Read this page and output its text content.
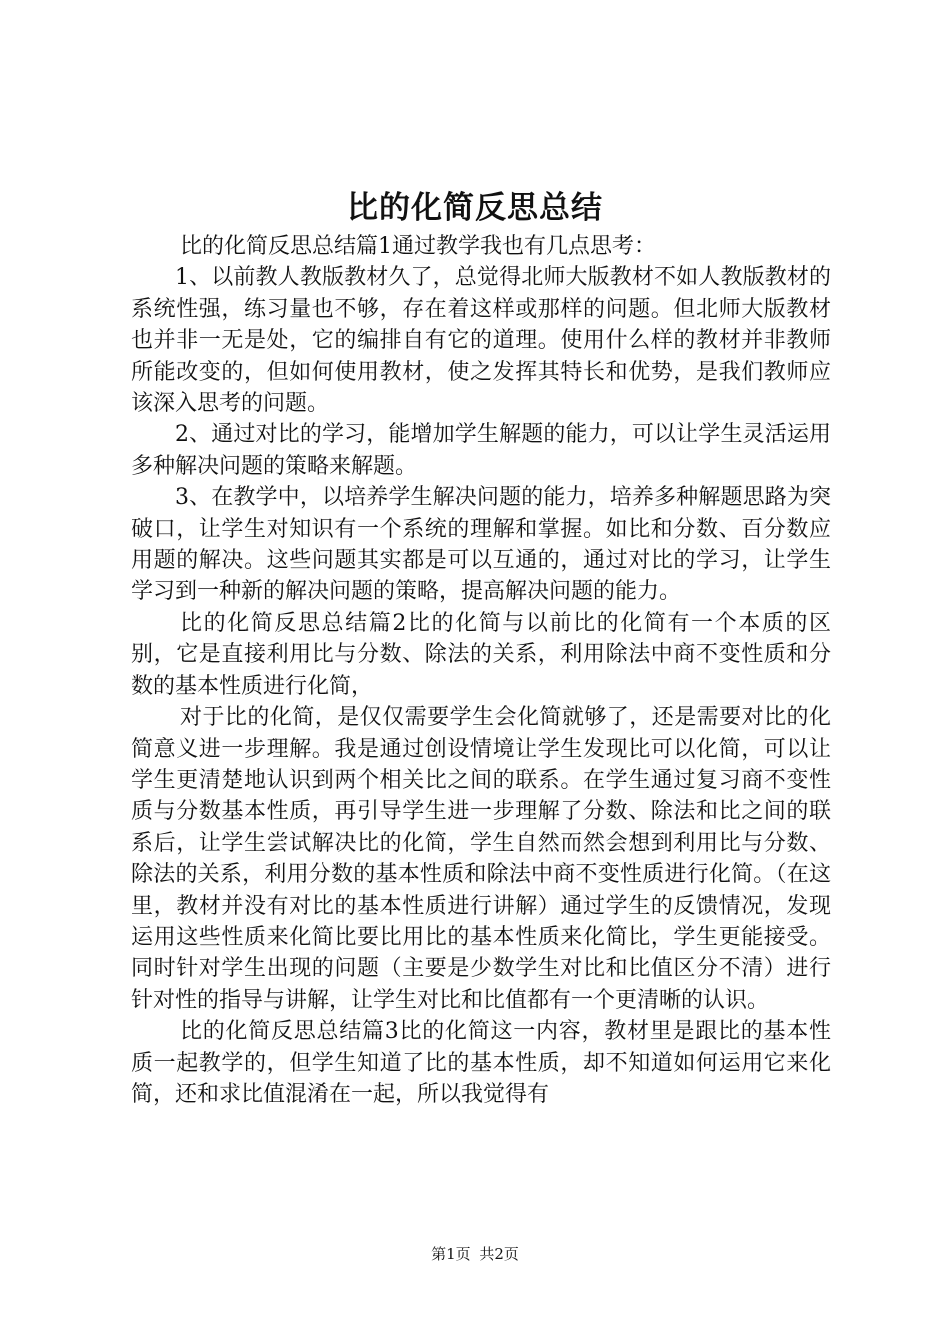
比的化简反思总结

比的化简反思总结篇1通过教学我也有几点思考：

1、以前教人教版教材久了，总觉得北师大版教材不如人教版教材的系统性强，练习量也不够，存在着这样或那样的问题。但北师大版教材也并非一无是处，它的编排自有它的道理。使用什么样的教材并非教师所能改变的，但如何使用教材，使之发挥其特长和优势，是我们教师应该深入思考的问题。

2、通过对比的学习，能增加学生解题的能力，可以让学生灵活运用多种解决问题的策略来解题。

3、在教学中，以培养学生解决问题的能力，培养多种解题思路为突破口，让学生对知识有一个系统的理解和掌握。如比和分数、百分数应用题的解决。这些问题其实都是可以互通的，通过对比的学习，让学生学习到一种新的解决问题的策略，提高解决问题的能力。

比的化简反思总结篇2比的化简与以前比的化简有一个本质的区别，它是直接利用比与分数、除法的关系，利用除法中商不变性质和分数的基本性质进行化简，

对于比的化简，是仅仅需要学生会化简就够了，还是需要对比的化简意义进一步理解。我是通过创设情境让学生发现比可以化简，可以让学生更清楚地认识到两个相关比之间的联系。在学生通过复习商不变性质与分数基本性质，再引导学生进一步理解了分数、除法和比之间的联系后，让学生尝试解决比的化简，学生自然而然会想到利用比与分数、除法的关系，利用分数的基本性质和除法中商不变性质进行化简。（在这里，教材并没有对比的基本性质进行讲解）通过学生的反馈情况，发现运用这些性质来化简比要比用比的基本性质来化简比，学生更能接受。同时针对学生出现的问题（主要是少数学生对比和比值区分不清）进行针对性的指导与讲解，让学生对比和比值都有一个更清晰的认识。

比的化简反思总结篇3比的化简这一内容，教材里是跟比的基本性质一起教学的，但学生知道了比的基本性质，却不知道如何运用它来化简，还和求比值混淆在一起，所以我觉得有

第1页 共2页
